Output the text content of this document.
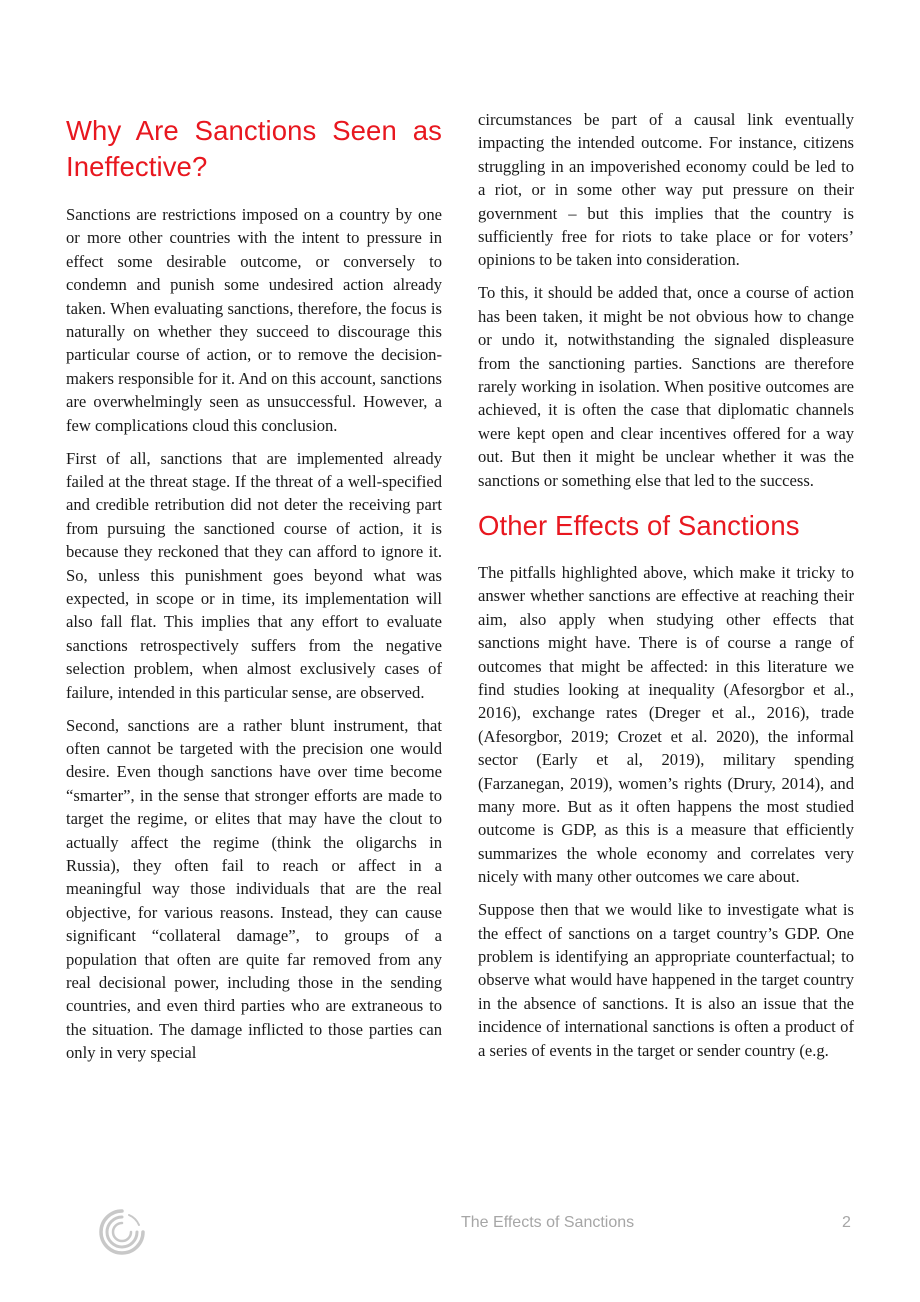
Why Are Sanctions Seen as Ineffective?

Sanctions are restrictions imposed on a country by one or more other countries with the intent to pressure in effect some desirable outcome, or conversely to condemn and punish some undesired action already taken. When evaluating sanctions, therefore, the focus is naturally on whether they succeed to discourage this particular course of action, or to remove the decision-makers responsible for it. And on this account, sanctions are overwhelmingly seen as unsuccessful. However, a few complications cloud this conclusion.

First of all, sanctions that are implemented already failed at the threat stage. If the threat of a well-specified and credible retribution did not deter the receiving part from pursuing the sanctioned course of action, it is because they reckoned that they can afford to ignore it. So, unless this punishment goes beyond what was expected, in scope or in time, its implementation will also fall flat. This implies that any effort to evaluate sanctions retrospectively suffers from the negative selection problem, when almost exclusively cases of failure, intended in this particular sense, are observed.

Second, sanctions are a rather blunt instrument, that often cannot be targeted with the precision one would desire. Even though sanctions have over time become “smarter”, in the sense that stronger efforts are made to target the regime, or elites that may have the clout to actually affect the regime (think the oligarchs in Russia), they often fail to reach or affect in a meaningful way those individuals that are the real objective, for various reasons. Instead, they can cause significant “collateral damage”, to groups of a population that often are quite far removed from any real decisional power, including those in the sending countries, and even third parties who are extraneous to the situation. The damage inflicted to those parties can only in very special

circumstances be part of a causal link eventually impacting the intended outcome. For instance, citizens struggling in an impoverished economy could be led to a riot, or in some other way put pressure on their government – but this implies that the country is sufficiently free for riots to take place or for voters’ opinions to be taken into consideration.

To this, it should be added that, once a course of action has been taken, it might be not obvious how to change or undo it, notwithstanding the signaled displeasure from the sanctioning parties. Sanctions are therefore rarely working in isolation. When positive outcomes are achieved, it is often the case that diplomatic channels were kept open and clear incentives offered for a way out. But then it might be unclear whether it was the sanctions or something else that led to the success.

Other Effects of Sanctions

The pitfalls highlighted above, which make it tricky to answer whether sanctions are effective at reaching their aim, also apply when studying other effects that sanctions might have. There is of course a range of outcomes that might be affected: in this literature we find studies looking at inequality (Afesorgbor et al., 2016), exchange rates (Dreger et al., 2016), trade (Afesorgbor, 2019; Crozet et al. 2020), the informal sector (Early et al, 2019), military spending (Farzanegan, 2019), women’s rights (Drury, 2014), and many more. But as it often happens the most studied outcome is GDP, as this is a measure that efficiently summarizes the whole economy and correlates very nicely with many other outcomes we care about.

Suppose then that we would like to investigate what is the effect of sanctions on a target country’s GDP. One problem is identifying an appropriate counterfactual; to observe what would have happened in the target country in the absence of sanctions. It is also an issue that the incidence of international sanctions is often a product of a series of events in the target or sender country (e.g.

The Effects of Sanctions	2
